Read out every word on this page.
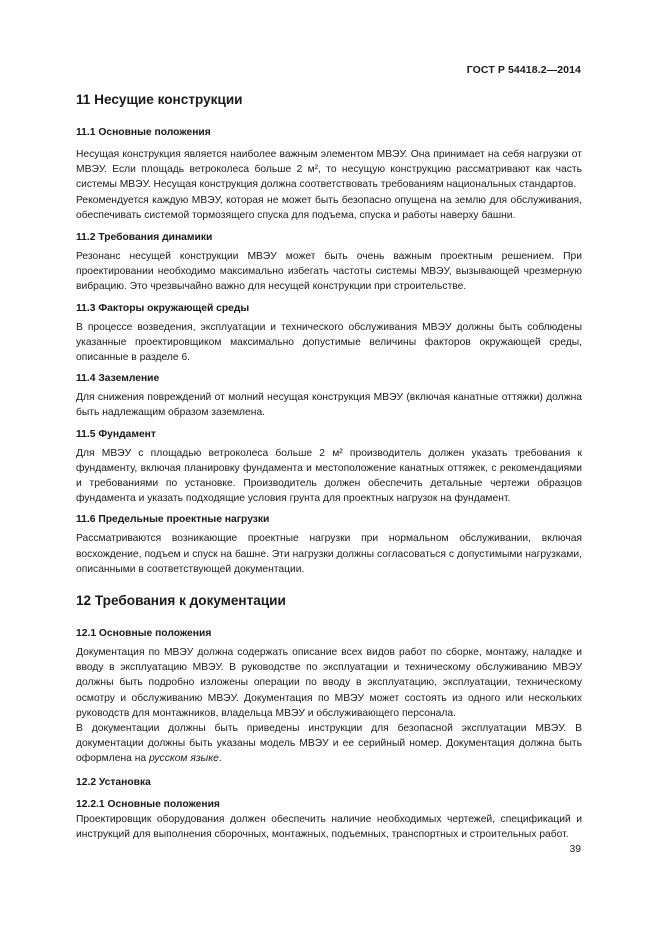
ГОСТ Р 54418.2—2014
11 Несущие конструкции
11.1 Основные положения

Несущая конструкция является наиболее важным элементом МВЭУ. Она принимает на себя нагрузки от МВЭУ. Если площадь ветроколеса больше 2 м², то несущую конструкцию рассматривают как часть системы МВЭУ. Несущая конструкция должна соответствовать требованиям национальных стандартов.

Рекомендуется каждую МВЭУ, которая не может быть безопасно опущена на землю для обслуживания, обеспечивать системой тормозящего спуска для подъема, спуска и работы наверху башни.

11.2 Требования динамики

Резонанс несущей конструкции МВЭУ может быть очень важным проектным решением. При проектировании необходимо максимально избегать частоты системы МВЭУ, вызывающей чрезмерную вибрацию. Это чрезвычайно важно для несущей конструкции при строительстве.

11.3 Факторы окружающей среды

В процессе возведения, эксплуатации и технического обслуживания МВЭУ должны быть соблюдены указанные проектировщиком максимально допустимые величины факторов окружающей среды, описанные в разделе 6.

11.4 Заземление

Для снижения повреждений от молний несущая конструкция МВЭУ (включая канатные оттяжки) должна быть надлежащим образом заземлена.

11.5 Фундамент

Для МВЭУ с площадью ветроколеса больше 2 м² производитель должен указать требования к фундаменту, включая планировку фундамента и местоположение канатных оттяжек, с рекомендациями и требованиями по установке. Производитель должен обеспечить детальные чертежи образцов фундамента и указать подходящие условия грунта для проектных нагрузок на фундамент.

11.6 Предельные проектные нагрузки

Рассматриваются возникающие проектные нагрузки при нормальном обслуживании, включая восхождение, подъем и спуск на башне. Эти нагрузки должны согласоваться с допустимыми нагрузками, описанными в соответствующей документации.

12 Требования к документации
12.1 Основные положения

Документация по МВЭУ должна содержать описание всех видов работ по сборке, монтажу, наладке и вводу в эксплуатацию МВЭУ. В руководстве по эксплуатации и техническому обслуживанию МВЭУ должны быть подробно изложены операции по вводу в эксплуатацию, эксплуатации, техническому осмотру и обслуживанию МВЭУ. Документация по МВЭУ может состоять из одного или нескольких руководств для монтажников, владельца МВЭУ и обслуживающего персонала.

В документации должны быть приведены инструкции для безопасной эксплуатации МВЭУ. В документации должны быть указаны модель МВЭУ и ее серийный номер. Документация должна быть оформлена на русском языке.

12.2 Установка
12.2.1 Основные положения

Проектировщик оборудования должен обеспечить наличие необходимых чертежей, спецификаций и инструкций для выполнения сборочных, монтажных, подъемных, транспортных и строительных работ.

39
